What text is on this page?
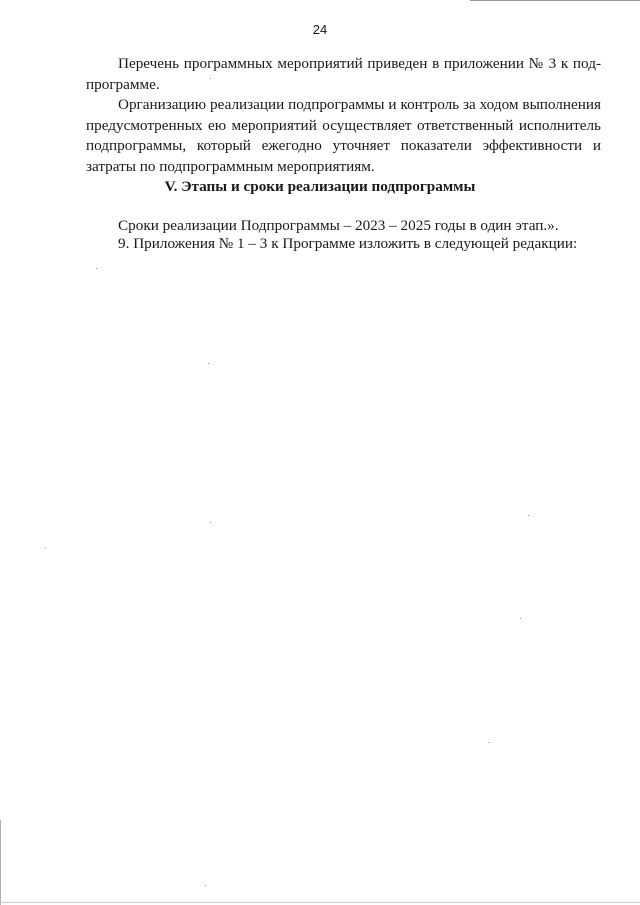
24

Перечень программных мероприятий приведен в приложении № 3 к подпрограмме.

Организацию реализации подпрограммы и контроль за ходом выполнения предусмотренных ею мероприятий осуществляет ответственный исполнитель подпрограммы, который ежегодно уточняет показатели эффективности и затраты по подпрограммным мероприятиям.

V. Этапы и сроки реализации подпрограммы

Сроки реализации Подпрограммы – 2023 – 2025 годы в один этап.».

9. Приложения № 1 – 3 к Программе изложить в следующей редакции:
